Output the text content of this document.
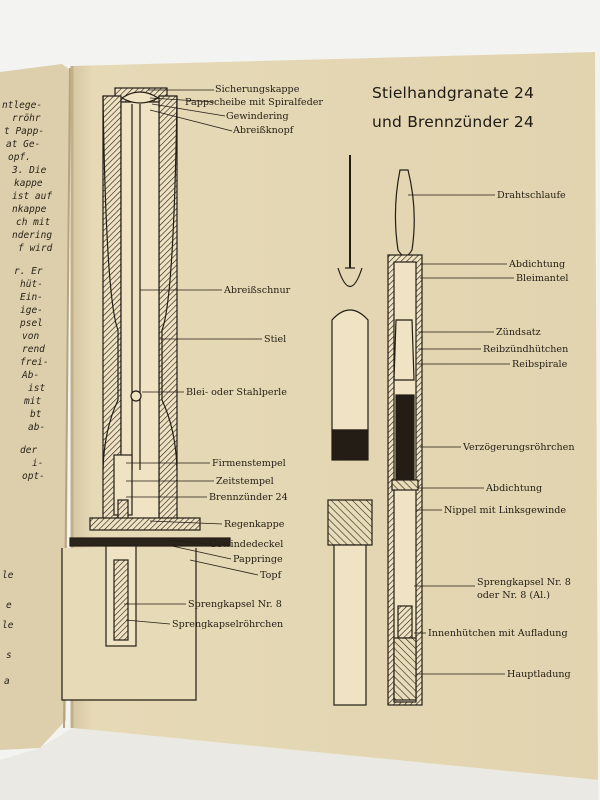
Stielhandgranate 24
und Brennzünder 24
ntlege-
rröhr
t Papp-
at Ge-
opf.
3. Die
kappe
ist auf
nkappe
ch mit
ndering
f wird
r. Er
hüt-
Ein-
ige-
psel
von
rend
frei-
Ab-
ist
mit
bt
ab-
der
i-
opt-
le
e
le
s
a
Sicherungskappe
Pappscheibe mit Spiralfeder
Gewindering
Abreißknopf
Abreißschnur
Stiel
Blei- oder Stahlperle
Firmenstempel
Zeitstempel
Brennzünder 24
Regenkappe
Gewindedeckel
Pappringe
Topf
Sprengkapsel Nr. 8
Sprengkapselröhrchen
Drahtschlaufe
Abdichtung
Bleimantel
Zündsatz
Reibzündhütchen
Reibspirale
Verzögerungsröhrchen
Abdichtung
Nippel mit Linksgewinde
Sprengkapsel Nr. 8
oder Nr. 8 (Al.)
Innenhütchen mit Aufladung
Hauptladung
